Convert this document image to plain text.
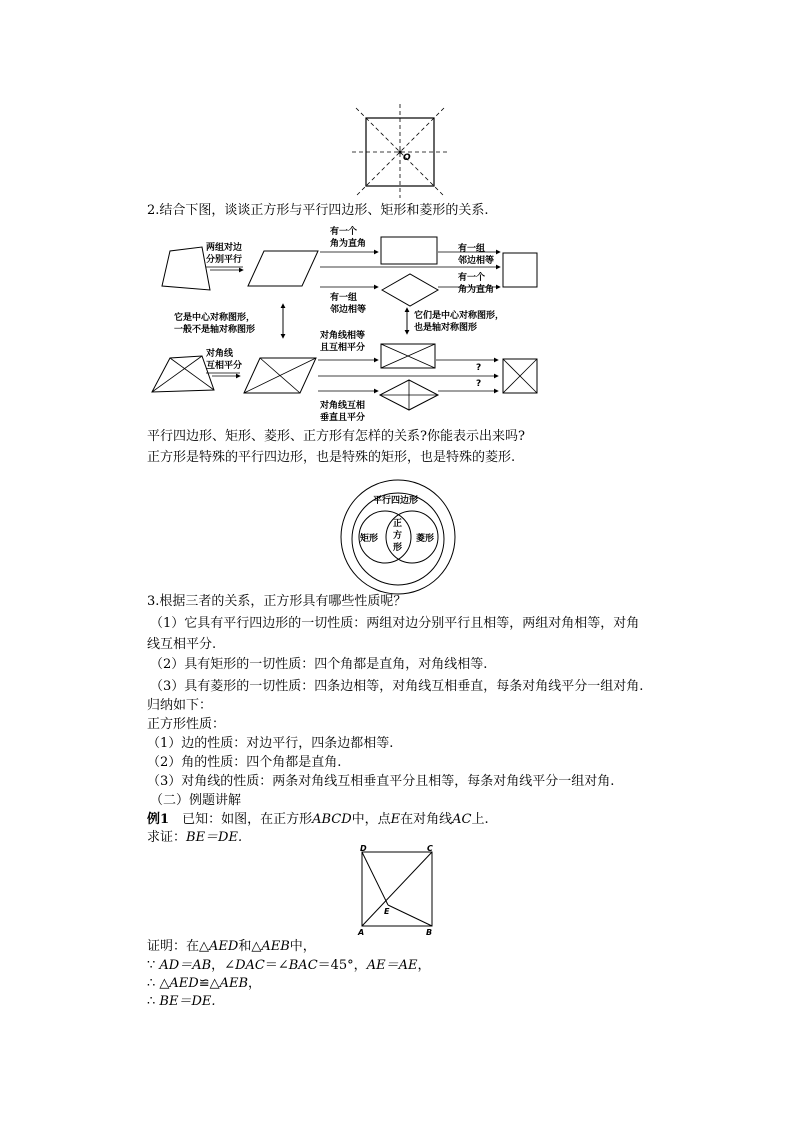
O
2.结合下图，谈谈正方形与平行四边形、矩形和菱形的关系.
两组对边
分别平行
有一个
角为直角
有一组
邻边相等
有一组
邻边相等
有一个
角为直角
它是中心对称图形，
一般不是轴对称图形
它们是中心对称图形，
也是轴对称图形
对角线
互相平分
对角线相等
且互相平分
对角线互相
垂直且平分
?
?
平行四边形、矩形、菱形、正方形有怎样的关系?你能表示出来吗?
正方形是特殊的平行四边形，也是特殊的矩形，也是特殊的菱形.
平行四边形
矩形	菱形
正
方
形
3.根据三者的关系，正方形具有哪些性质呢？
（1）它具有平行四边形的一切性质：两组对边分别平行且相等，两组对角相等，对角
线互相平分.
（2）具有矩形的一切性质：四个角都是直角，对角线相等.
（3）具有菱形的一切性质：四条边相等，对角线互相垂直，每条对角线平分一组对角.
归纳如下：
正方形性质：
（1）边的性质：对边平行，四条边都相等.
（2）角的性质：四个角都是直角.
（3）对角线的性质：两条对角线互相垂直平分且相等，每条对角线平分一组对角.
（二）例题讲解
例1　 已知：如图，在正方形ABCD中，点E在对角线AC上.
求证：BE＝DE.
D	C
A	B
E
证明：在△AED和△AEB中，
∵ AD＝AB，∠DAC＝∠BAC＝45°，AE＝AE，
∴ △AED≌△AEB，
∴ BE＝DE.
